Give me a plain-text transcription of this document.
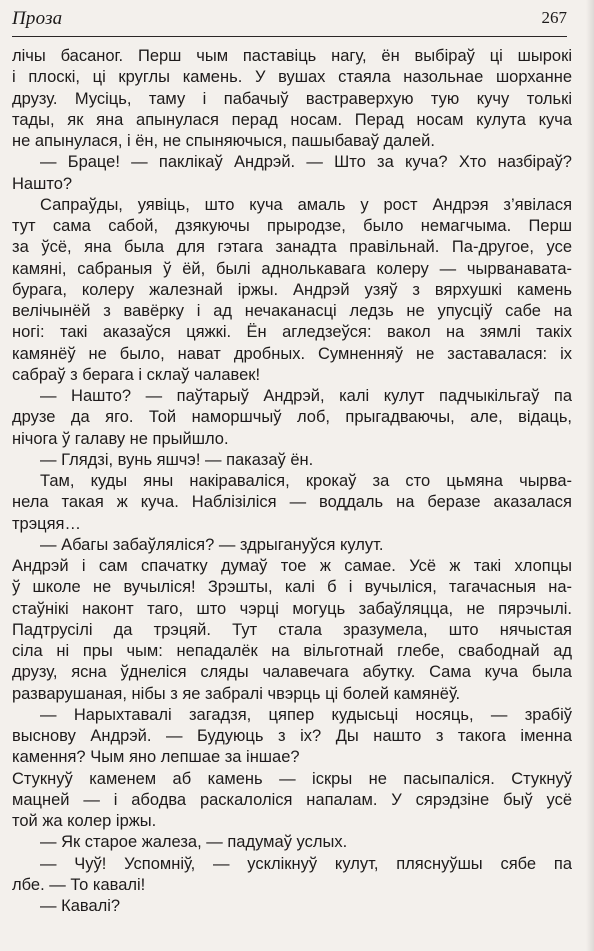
Проза	267
лічы басаног. Перш чым паставіць нагу, ён выбіраў ці шырокі
і плоскі, ці круглы камень. У вушах стаяла назольнае шорханне
друзу. Мусіць, таму і пабачыў вастраверхую тую кучу толькі
тады, як яна апынулася перад носам. Перад носам кулута куча
не апынулася, і ён, не спыняючыся, пашыбаваў далей.
— Браце! — паклікаў Андрэй. — Што за куча? Хто назбіраў?
Нашто?
Сапраўды, уявіць, што куча амаль у рост Андрэя з’явілася
тут сама сабой, дзякуючы прыродзе, было немагчыма. Перш
за ўсё, яна была для гэтага занадта правільнай. Па-другое, усе
камяні, сабраныя ў ёй, былі аднолькавага колеру — чырванавата-
бурага, колеру жалезнай іржы. Андрэй узяў з вярхушкі камень
велічынёй з вавёрку і ад нечаканасці ледзь не упусціў сабе на
ногі: такі аказаўся цяжкі. Ён агледзеўся: вакол на зямлі такіх
камянёў не было, нават дробных. Сумненняў не заставалася: іх
сабраў з берага і склаў чалавек!
— Нашто? — паўтарыў Андрэй, калі кулут падчыкільгаў па
друзе да яго. Той наморшчыў лоб, прыгадваючы, але, відаць,
нічога ў галаву не прыйшло.
— Глядзі, вунь яшчэ! — паказаў ён.
Там, куды яны накіраваліся, крокаў за сто цьмяна чырва-
нела такая ж куча. Наблізіліся — воддаль на беразе аказалася
трэцяя…
— Абагы забаўляліся? — здрыгануўся кулут.
Андрэй і сам спачатку думаў тое ж самае. Усё ж такі хлопцы
ў школе не вучыліся! Зрэшты, калі б і вучыліся, тагачасныя на-
стаўнікі наконт таго, што чэрці могуць забаўляцца, не пярэчылі.
Падтрусілі да трэцяй. Тут стала зразумела, што нячыстая
сіла ні пры чым: непадалёк на вільготнай глебе, свабоднай ад
друзу, ясна ўднеліся сляды чалавечага абутку. Сама куча была
разварушаная, нібы з яе забралі чвэрць ці болей камянёў.
— Нарыхтавалі загадзя, цяпер кудысьці носяць, — зрабіў
выснову Андрэй. — Будуюць з іх? Ды нашто з такога іменна
камення? Чым яно лепшае за іншае?
Стукнуў каменем аб камень — іскры не пасыпаліся. Стукнуў
мацней — і абодва раскалоліся напалам. У сярэдзіне быў усё
той жа колер іржы.
— Як старое жалеза, — падумаў услых.
— Чуў! Успомніў, — усклікнуў кулут, пляснуўшы сябе па
лбе. — То кавалі!
— Кавалі?
